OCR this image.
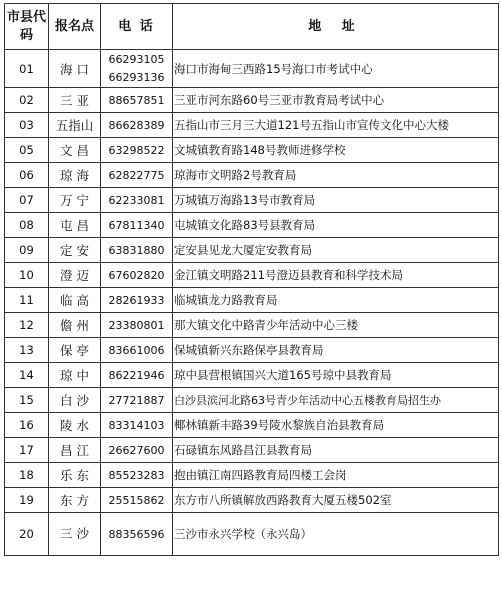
市县代码	报名点	电 话	地 址
01	海 口	66293105 66293136	海口市海甸三西路15号海口市考试中心
02	三 亚	88657851	三亚市河东路60号三亚市教育局考试中心
03	五指山	86628389	五指山市三月三大道121号五指山市宣传文化中心大楼
05	文 昌	63298522	文城镇教育路148号教师进修学校
06	琼 海	62822775	琼海市文明路2号教育局
07	万 宁	62233081	万城镇万海路13号市教育局
08	屯 昌	67811340	屯城镇文化路83号县教育局
09	定 安	63831880	定安县见龙大厦定安教育局
10	澄 迈	67602820	金江镇文明路211号澄迈县教育和科学技术局
11	临 高	28261933	临城镇龙力路教育局
12	儋 州	23380801	那大镇文化中路青少年活动中心三楼
13	保 亭	83661006	保城镇新兴东路保亭县教育局
14	琼 中	86221946	琼中县营根镇国兴大道165号琼中县教育局
15	白 沙	27721887	白沙县滨河北路63号青少年活动中心五楼教育局招生办
16	陵 水	83314103	椰林镇新丰路39号陵水黎族自治县教育局
17	昌 江	26627600	石碌镇东风路昌江县教育局
18	乐 东	85523283	抱由镇江南四路教育局四楼工会岗
19	东 方	25515862	东方市八所镇解放西路教育大厦五楼502室
20	三 沙	88356596	三沙市永兴学校（永兴岛）
